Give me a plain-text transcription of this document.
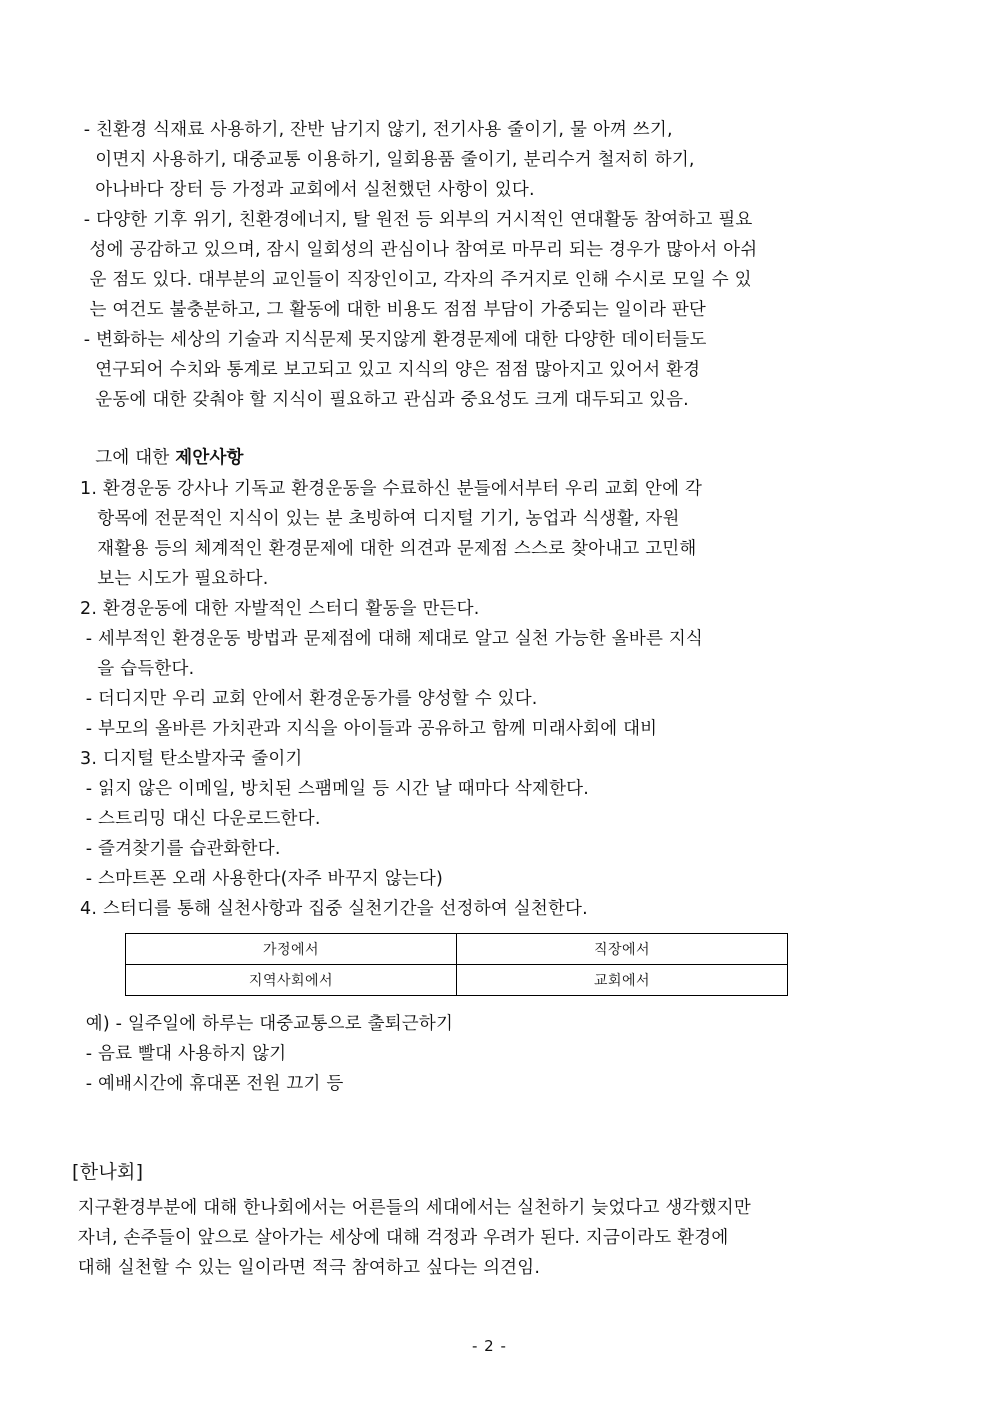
- 친환경 식재료 사용하기, 잔반 남기지 않기, 전기사용 줄이기, 물 아껴 쓰기,
이면지 사용하기, 대중교통 이용하기, 일회용품 줄이기, 분리수거 철저히 하기,
아나바다 장터 등 가정과 교회에서 실천했던 사항이 있다.
- 다양한 기후 위기, 친환경에너지, 탈 원전 등 외부의 거시적인 연대활동 참여하고 필요
성에 공감하고 있으며, 잠시 일회성의 관심이나 참여로 마무리 되는 경우가 많아서 아쉬
운 점도 있다. 대부분의 교인들이 직장인이고, 각자의 주거지로 인해 수시로 모일 수 있
는 여건도 불충분하고, 그 활동에 대한 비용도 점점 부담이 가중되는 일이라 판단
- 변화하는 세상의 기술과 지식문제 못지않게 환경문제에 대한 다양한 데이터들도
연구되어 수치와 통계로 보고되고 있고 지식의 양은 점점 많아지고 있어서 환경
운동에 대한 갖춰야 할 지식이 필요하고 관심과 중요성도 크게 대두되고 있음.
그에 대한 제안사항
1. 환경운동 강사나 기독교 환경운동을 수료하신 분들에서부터 우리 교회 안에 각
항목에 전문적인 지식이 있는 분 초빙하여 디지털 기기, 농업과 식생활, 자원
재활용 등의 체계적인 환경문제에 대한 의견과 문제점 스스로 찾아내고 고민해
보는 시도가 필요하다.
2. 환경운동에 대한 자발적인 스터디 활동을 만든다.
- 세부적인 환경운동 방법과 문제점에 대해 제대로 알고 실천 가능한 올바른 지식
을 습득한다.
- 더디지만 우리 교회 안에서 환경운동가를 양성할 수 있다.
- 부모의 올바른 가치관과 지식을 아이들과 공유하고 함께 미래사회에 대비
3. 디지털 탄소발자국 줄이기
- 읽지 않은 이메일, 방치된 스팸메일 등 시간 날 때마다 삭제한다.
- 스트리밍 대신 다운로드한다.
- 즐겨찾기를 습관화한다.
- 스마트폰 오래 사용한다(자주 바꾸지 않는다)
4. 스터디를 통해 실천사항과 집중 실천기간을 선정하여 실천한다.
가정에서	직장에서
지역사회에서	교회에서
예) - 일주일에 하루는 대중교통으로 출퇴근하기
- 음료 빨대 사용하지 않기
- 예배시간에 휴대폰 전원 끄기 등
[한나회]
지구환경부분에 대해 한나회에서는 어른들의 세대에서는 실천하기 늦었다고 생각했지만
자녀, 손주들이 앞으로 살아가는 세상에 대해 걱정과 우려가 된다. 지금이라도 환경에
대해 실천할 수 있는 일이라면 적극 참여하고 싶다는 의견임.
- 2 -
